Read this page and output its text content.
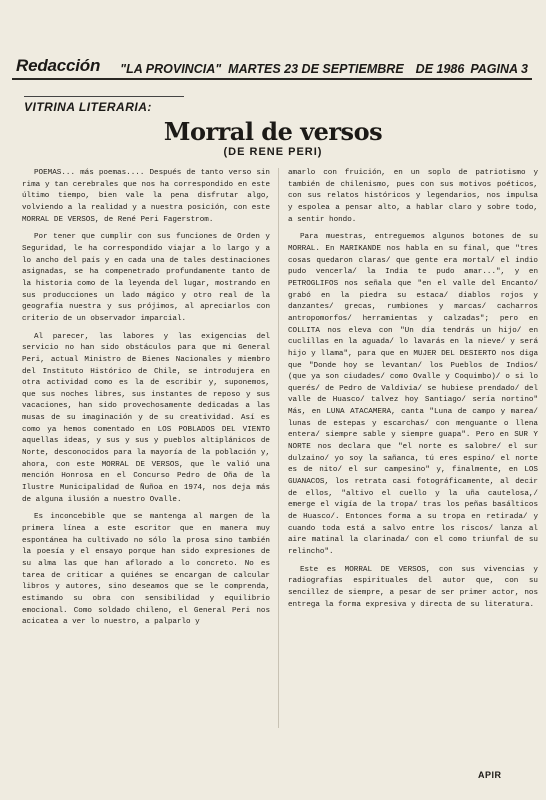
Redacción "LA PROVINCIA" MARTES 23 DE SEPTIEMBRE DE 1986 PAGINA 3
VITRINA LITERARIA:
Morral de versos
(DE RENE PERI)

POEMAS... más poemas.... Después de tanto verso sin rima y tan cerebrales que nos ha correspondido en este último tiempo, bien vale la pena disfrutar algo, volviendo a la realidad y a nuestra posición, con este MORRAL DE VERSOS, de René Peri Fagerstrom.

Por tener que cumplir con sus funciones de Orden y Seguridad, le ha correspondido viajar a lo largo y a lo ancho del país y en cada una de tales destinaciones asignadas, se ha compenetrado profundamente tanto de la historia como de la leyenda del lugar, mostrando en sus producciones un lado mágico y otro real de la geografía nuestra y sus prójimos, al apreciarlos con criterio de un observador imparcial.

Al parecer, las labores y las exigencias del servicio no han sido obstáculos para que mi General Peri, actual Ministro de Bienes Nacionales y miembro del Instituto Histórico de Chile, se introdujera en otra actividad como es la de escribir y, suponemos, que sus noches libres, sus instantes de reposo y sus vacaciones, han sido provechosamente dedicadas a las musas de su imaginación y de su creatividad. Así es como ya hemos comentado en LOS POBLADOS DEL VIENTO aquellas ideas, y sus y sus y pueblos altiplánicos de Norte, desconocidos para la mayoría de la población y, ahora, con este MORRAL DE VERSOS, que le valió una mención Honrosa en el Concurso Pedro de Oña de la Ilustre Municipalidad de Ñuñoa en 1974, nos deja más de alguna ilusión a nuestro Ovalle.

Es inconcebible que se mantenga al margen de la primera línea a este escritor que en manera muy espontánea ha cultivado no sólo la prosa sino también la poesía y el ensayo porque han sido expresiones de su alma las que han aflorado a lo concreto. No es tarea de criticar a quiénes se encargan de calcular libros y autores, sino deseamos que se le comprenda, estimando su obra con sensibilidad y equilibrio emocional. Como soldado chileno, el General Peri nos acicatea a ver lo nuestro, a palparlo y

amarlo con fruición, en un soplo de patriotismo y también de chilenismo, pues con sus motivos poéticos, con sus relatos históricos y legendarios, nos impulsa y espolea a pensar alto, a hablar claro y sobre todo, a sentir hondo.

Para muestras, entreguemos algunos botones de su MORRAL. En MARIKANDE nos habla en su final, que "tres cosas quedaron claras/ que gente era mortal/ el indio pudo vencerla/ la India te pudo amar...", y en PETROGLIFOS nos señala que "en el valle del Encanto/ grabó en la piedra su estaca/ diablos rojos y danzantes/ grecas, rumbiones y marcas/ cacharros antropomorfos/ herramientas y calzadas"; pero en COLLITA nos eleva con "Un día tendrás un hijo/ en cuclillas en la aguada/ lo lavarás en la nieve/ y será hijo y llama", para que en MUJER DEL DESIERTO nos diga que "Donde hoy se levantan/ los Pueblos de Indios/ (que ya son ciudades/ como Ovalle y Coquimbo)/ o si lo querés/ de Pedro de Valdivia/ se hubiese prendado/ del valle de Huasco/ talvez hoy Santiago/ sería nortino" Más, en LUNA ATACAMERA, canta "Luna de campo y marea/ lunas de estepas y escarchas/ con menguante o llena entera/ siempre sable y siempre guapa". Pero en SUR Y NORTE nos declara que "el norte es salobre/ el sur dulzaino/ yo soy la sañanca, tú eres espino/ el norte es de nito/ el sur campesino" y, finalmente, en LOS GUANACOS, los retrata casi fotográficamente, al decir de ellos, "altivo el cuello y la uña cautelosa,/ emerge el vigía de la tropa/ tras los peñas basálticos de Huasco/. Entonces forma a su tropa en retirada/ y cuando toda está a salvo entre los riscos/ lanza al aire matinal la clarinada/ con el como triunfal de su relincho".

Este es MORRAL DE VERSOS, con sus vivencias y radiografías espirituales del autor que, con su sencillez de siempre, a pesar de ser primer actor, nos entrega la forma expresiva y directa de su literatura.

APIR
